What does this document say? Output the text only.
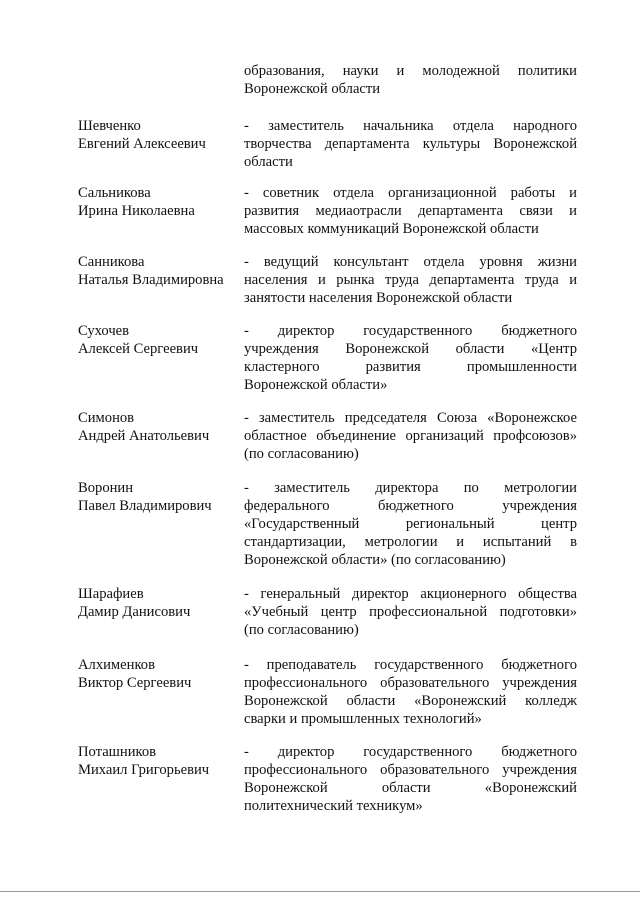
образования, науки и молодежной политики
Воронежской области
Шевченко
Евгений Алексеевич
- заместитель начальника отдела народного
творчества департамента культуры Воронежской
области
Сальникова
Ирина Николаевна
- советник отдела организационной работы и
развития медиаотрасли департамента связи и
массовых коммуникаций Воронежской области
Санникова
Наталья Владимировна
- ведущий консультант отдела уровня жизни
населения и рынка труда департамента труда и
занятости населения Воронежской области
Сухочев
Алексей Сергеевич
- директор государственного бюджетного
учреждения Воронежской области «Центр
кластерного развития промышленности
Воронежской области»
Симонов
Андрей Анатольевич
- заместитель председателя Союза «Воронежское
областное объединение организаций профсоюзов»
(по согласованию)
Воронин
Павел Владимирович
- заместитель директора по метрологии
федерального бюджетного учреждения
«Государственный региональный центр
стандартизации, метрологии и испытаний в
Воронежской области» (по согласованию)
Шарафиев
Дамир Данисович
- генеральный директор акционерного общества
«Учебный центр профессиональной подготовки»
(по согласованию)
Алхименков
Виктор Сергеевич
- преподаватель государственного бюджетного
профессионального образовательного учреждения
Воронежской области «Воронежский колледж
сварки и промышленных технологий»
Поташников
Михаил Григорьевич
- директор государственного бюджетного
профессионального образовательного учреждения
Воронежской области «Воронежский
политехнический техникум»
